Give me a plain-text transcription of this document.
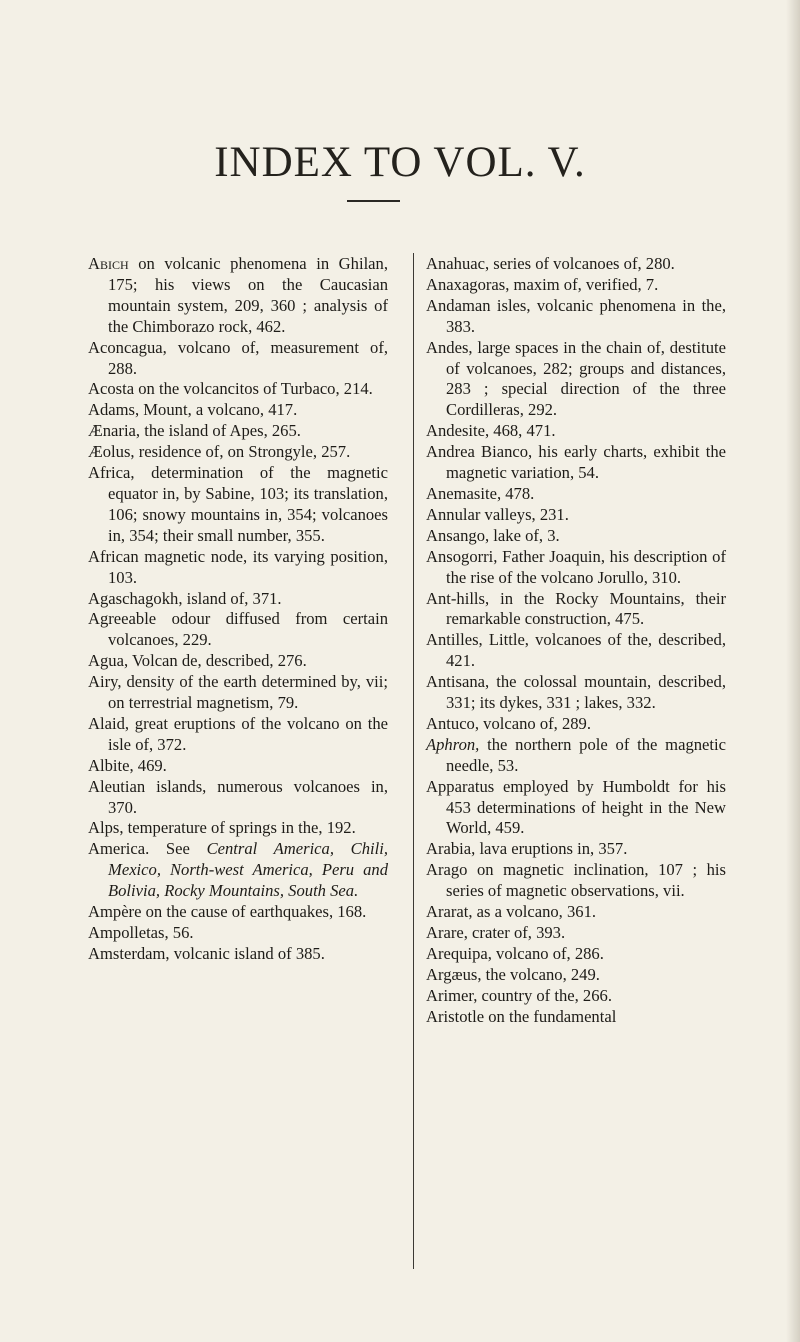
INDEX TO VOL. V.

Abich on volcanic phenomena in Ghilan, 175; his views on the Caucasian mountain system, 209, 360 ; analysis of the Chimborazo rock, 462.

Aconcagua, volcano of, measurement of, 288.

Acosta on the volcancitos of Turbaco, 214.

Adams, Mount, a volcano, 417.

Ænaria, the island of Apes, 265.

Æolus, residence of, on Strongyle, 257.

Africa, determination of the magnetic equator in, by Sabine, 103; its translation, 106; snowy mountains in, 354; volcanoes in, 354; their small number, 355.

African magnetic node, its varying position, 103.

Agaschagokh, island of, 371.

Agreeable odour diffused from certain volcanoes, 229.

Agua, Volcan de, described, 276.

Airy, density of the earth determined by, vii; on terrestrial magnetism, 79.

Alaid, great eruptions of the volcano on the isle of, 372.

Albite, 469.

Aleutian islands, numerous volcanoes in, 370.

Alps, temperature of springs in the, 192.

America. See Central America, Chili, Mexico, North-west America, Peru and Bolivia, Rocky Mountains, South Sea.

Ampère on the cause of earthquakes, 168.

Ampolletas, 56.

Amsterdam, volcanic island of 385.

Anahuac, series of volcanoes of, 280.

Anaxagoras, maxim of, verified, 7.

Andaman isles, volcanic phenomena in the, 383.

Andes, large spaces in the chain of, destitute of volcanoes, 282; groups and distances, 283 ; special direction of the three Cordilleras, 292.

Andesite, 468, 471.

Andrea Bianco, his early charts, exhibit the magnetic variation, 54.

Anemasite, 478.

Annular valleys, 231.

Ansango, lake of, 3.

Ansogorri, Father Joaquin, his description of the rise of the volcano Jorullo, 310.

Ant-hills, in the Rocky Mountains, their remarkable construction, 475.

Antilles, Little, volcanoes of the, described, 421.

Antisana, the colossal mountain, described, 331; its dykes, 331 ; lakes, 332.

Antuco, volcano of, 289.

Aphron, the northern pole of the magnetic needle, 53.

Apparatus employed by Humboldt for his 453 determinations of height in the New World, 459.

Arabia, lava eruptions in, 357.

Arago on magnetic inclination, 107 ; his series of magnetic observations, vii.

Ararat, as a volcano, 361.

Arare, crater of, 393.

Arequipa, volcano of, 286.

Argæus, the volcano, 249.

Arimer, country of the, 266.

Aristotle on the fundamental
